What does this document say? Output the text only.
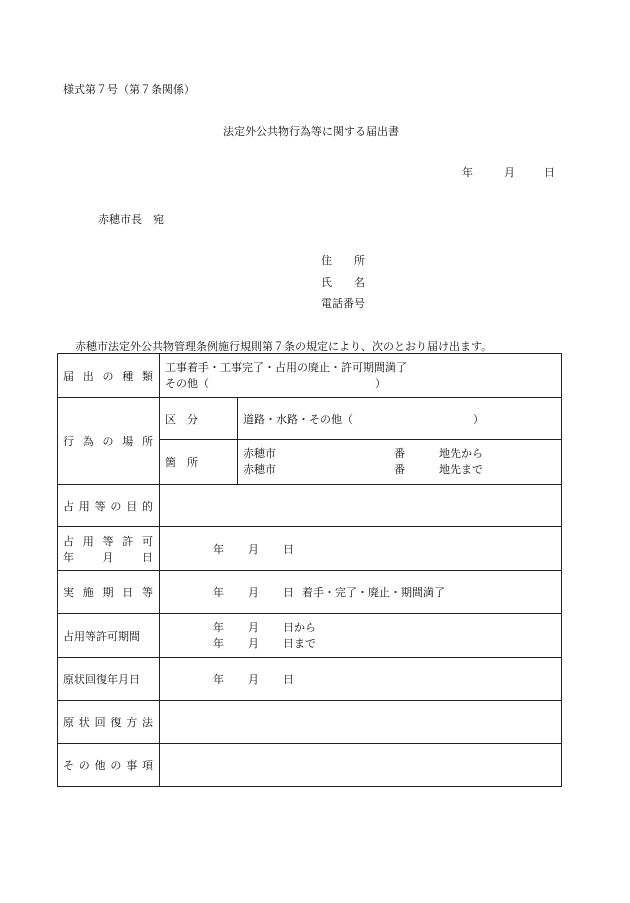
様式第７号（第７条関係）
法定外公共物行為等に関する届出書
年	月	日
赤穂市長　宛
住　　所
氏　　名
電話番号
赤穂市法定外公共物管理条例施行規則第７条の規定により、次のとおり届け出ます。
届出の種類	工事着手・工事完了・占用の廃止・許可期間満了
その他（ ）	

行為の場所	区　分	道路・水路・その他（ ）
	箇　所	赤穂市 番 地先から
赤穂市 番 地先まで

占用等の目的		

占用等許可
年月日	年 月 日	

実施期日等	年 月 日 着手・完了・廃止・期間満了	

占用等許可期間	年 月 日から
年 月 日まで	

原状回復年月日	年 月 日	

原状回復方法		

その他の事項		
